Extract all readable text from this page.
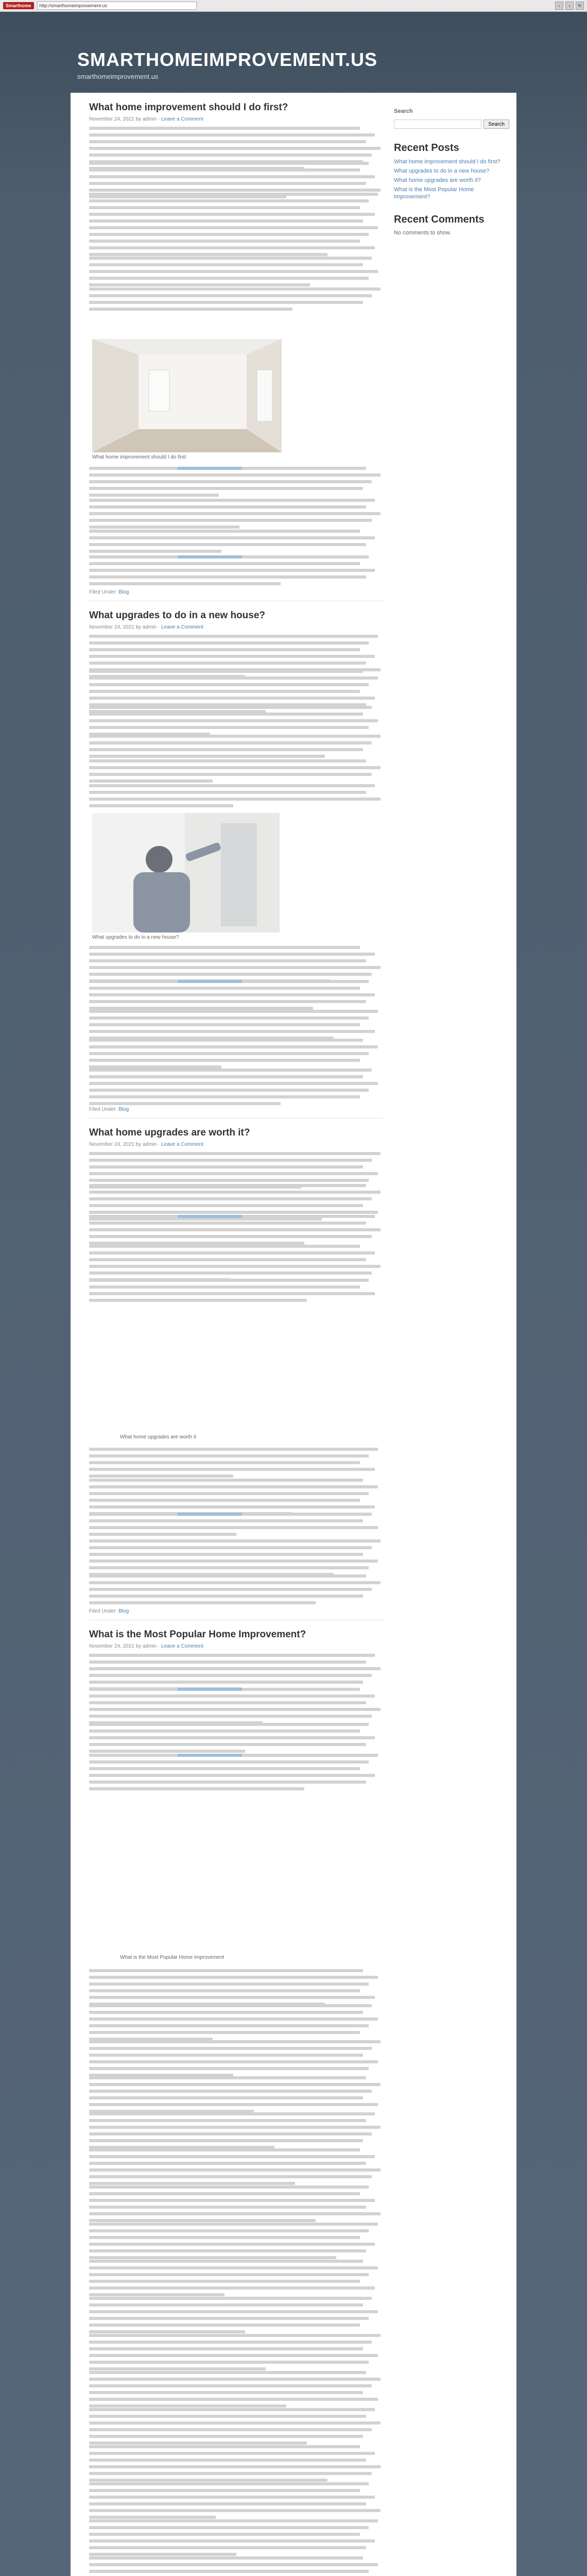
Smarthome	http://smarthomeimprovement.us	‹	›	↻
SMARTHOMEIMPROVEMENT.US
smarthomeimprovement.us
What home improvement should I do first?
November 24, 2021 by admin · Leave a Comment
What home improvement should I do first
Filed Under: Blog
What upgrades to do in a new house?
November 24, 2021 by admin · Leave a Comment
What upgrades to do in a new house?
Filed Under: Blog
What home upgrades are worth it?
November 24, 2021 by admin · Leave a Comment
What home upgrades are worth it
Filed Under: Blog
What is the Most Popular Home Improvement?
November 24, 2021 by admin · Leave a Comment
What is the Most Popular Home Improvement
Search
Search
Recent Posts
What home improvement should I do first?
What upgrades to do in a new house?
What home upgrades are worth it?
What is the Most Popular Home Improvement?
Recent Comments

No comments to show.
